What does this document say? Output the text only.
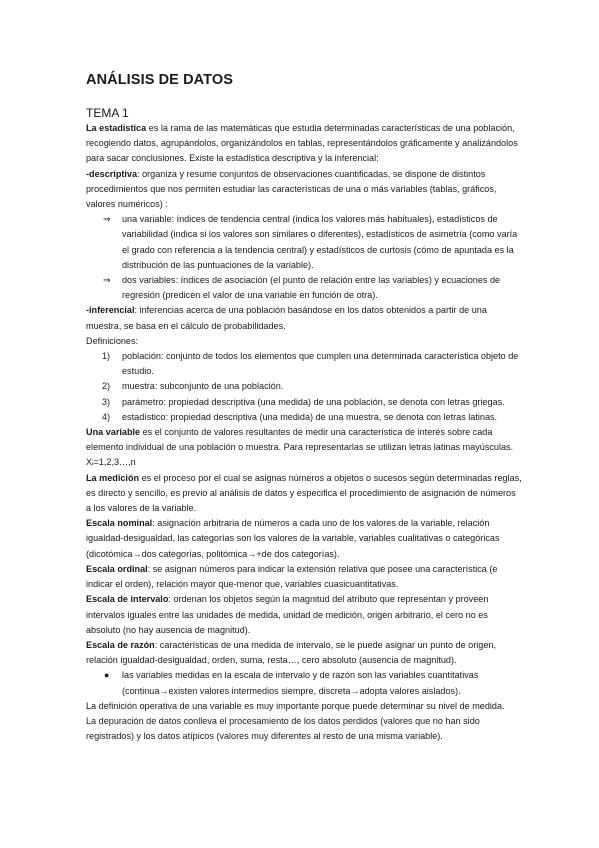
ANÁLISIS DE DATOS
TEMA 1

La estadística es la rama de las matemáticas que estudia determinadas características de una población, recogiendo datos, agrupándolos, organizándolos en tablas, representándolos gráficamente y analizándolos para sacar conclusiones. Existe la estadística descriptiva y la inferencial:

-descriptiva: organiza y resume conjuntos de observaciones cuantificadas, se dispone de distintos procedimientos que nos permiten estudiar las características de una o más variables (tablas, gráficos, valores numéricos) :

⇒ una variable: índices de tendencia central (indica los valores más habituales), estadísticos de variabilidad (indica si los valores son similares o diferentes), estadísticos de asimetría (como varía el grado con referencia a la tendencia central) y estadísticos de curtosis (cómo de apuntada es la distribución de las puntuaciones de la variable).

⇒ dos variables: índices de asociación (el punto de relación entre las variables) y ecuaciones de regresión (predicen el valor de una variable en función de otra).

-inferencial: inferencias acerca de una población basándose en los datos obtenidos a partir de una muestra, se basa en el cálculo de probabilidades.

Definiciones:

1) población: conjunto de todos los elementos que cumplen una determinada característica objeto de estudio.

2) muestra: subconjunto de una población.

3) parámetro: propiedad descriptiva (una medida) de una población, se denota con letras griegas.

4) estadístico: propiedad descriptiva (una medida) de una muestra, se denota con letras latinas.

Una variable es el conjunto de valores resultantes de medir una característica de interés sobre cada elemento individual de una población o muestra. Para representarlas se utilizan letras latinas mayúsculas. Xᵢ=1,2,3…,n

La medición es el proceso por el cual se asignas números a objetos o sucesos según determinadas reglas, es directo y sencillo, es previo al análisis de datos y especifica el procedimiento de asignación de números a los valores de la variable.

Escala nominal: asignación arbitraria de números a cada uno de los valores de la variable, relación igualdad-desigualdad, las categorías son los valores de la variable, variables cualitativas o categóricas (dicotómica→dos categorías, politómica→+de dos categorías).

Escala ordinal: se asignan números para indicar la extensión relativa que posee una característica (e indicar el orden), relación mayor que-menor que, variables cuasicuantitativas.

Escala de intervalo: ordenan los objetos según la magnitud del atributo que representan y proveen intervalos iguales entre las unidades de medida, unidad de medición, origen arbitrario, el cero no es absoluto (no hay ausencia de magnitud).

Escala de razón: características de una medida de intervalo, se le puede asignar un punto de origen, relación igualdad-desigualdad, orden, suma, resta…, cero absoluto (ausencia de magnitud).

● las variables medidas en la escala de intervalo y de razón son las variables cuantitativas (continua→existen valores intermedios siempre, discreta→adopta valores aislados).

La definición operativa de una variable es muy importante porque puede determinar su nivel de medida.

La depuración de datos conlleva el procesamiento de los datos perdidos (valores que no han sido registrados) y los datos atípicos (valores muy diferentes al resto de una misma variable).
